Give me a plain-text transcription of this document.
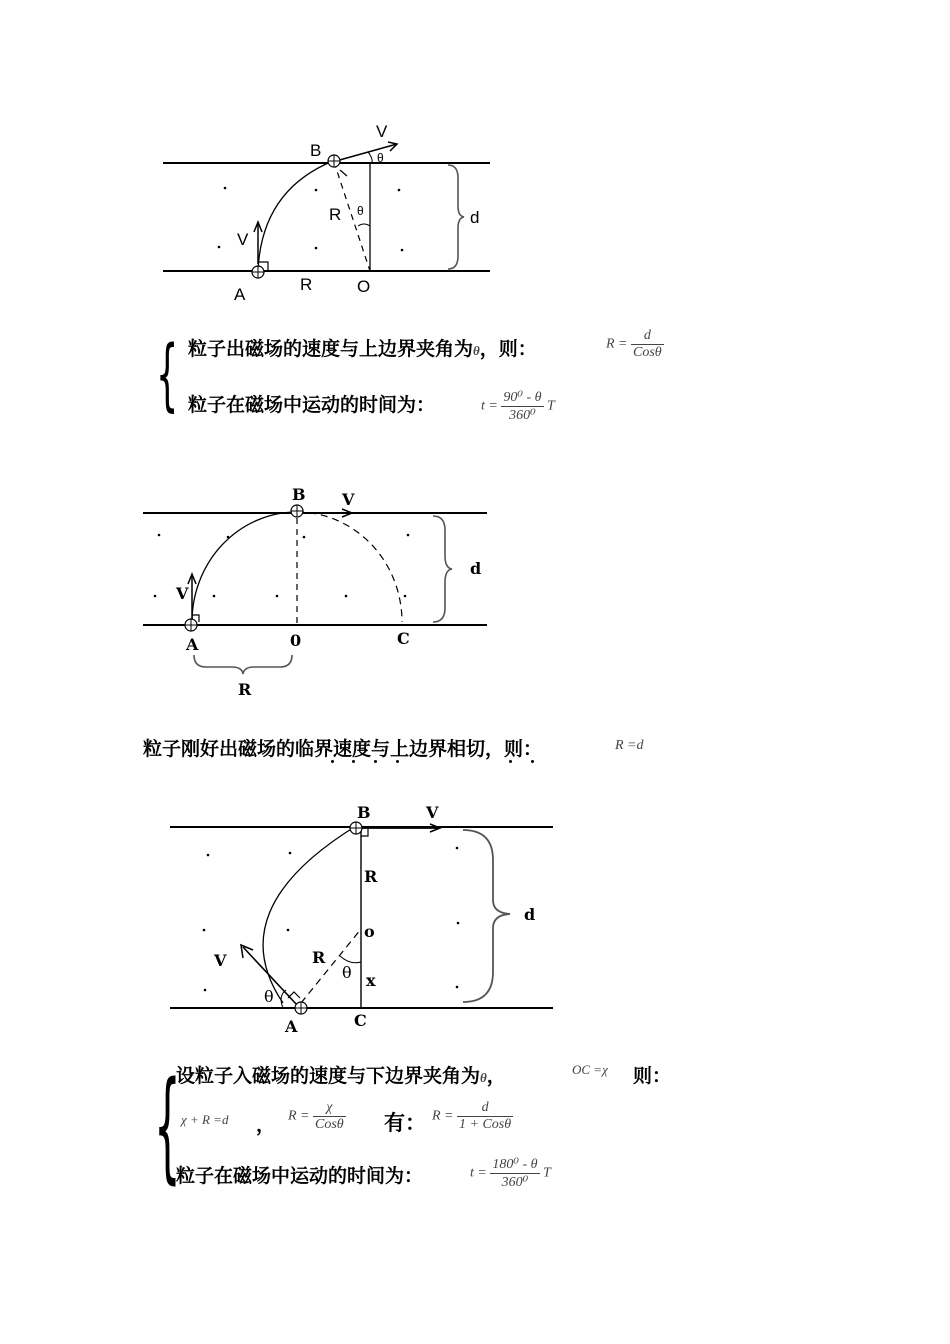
B
V
θ
R θ	d
V
A
R	O
{ 粒子出磁场的速度与上边界夹角为θ，则：	$R = \frac{d}{\text{Cosθ}}$
粒子在磁场中运动的时间为：	$t = \frac{\text{90⁰ - θ}}{\text{360⁰}}$ T
B V
d
V
A	0	C
R
粒子刚好出磁场的临界速度与上边界相切，则：	R =d
B	V
R
o
d
V	R
θ x
θ
A	C
{
设粒子入磁场的速度与下边界夹角为θ，	OC =χ 则：
χ + R =d ， $R = \frac{\chi}{\text{Cosθ}}$ 有： $R = \frac{d}{\text{1 + Cosθ}}$
粒子在磁场中运动的时间为：	$t = \frac{\text{180⁰ - θ}}{\text{360⁰}}$ T
